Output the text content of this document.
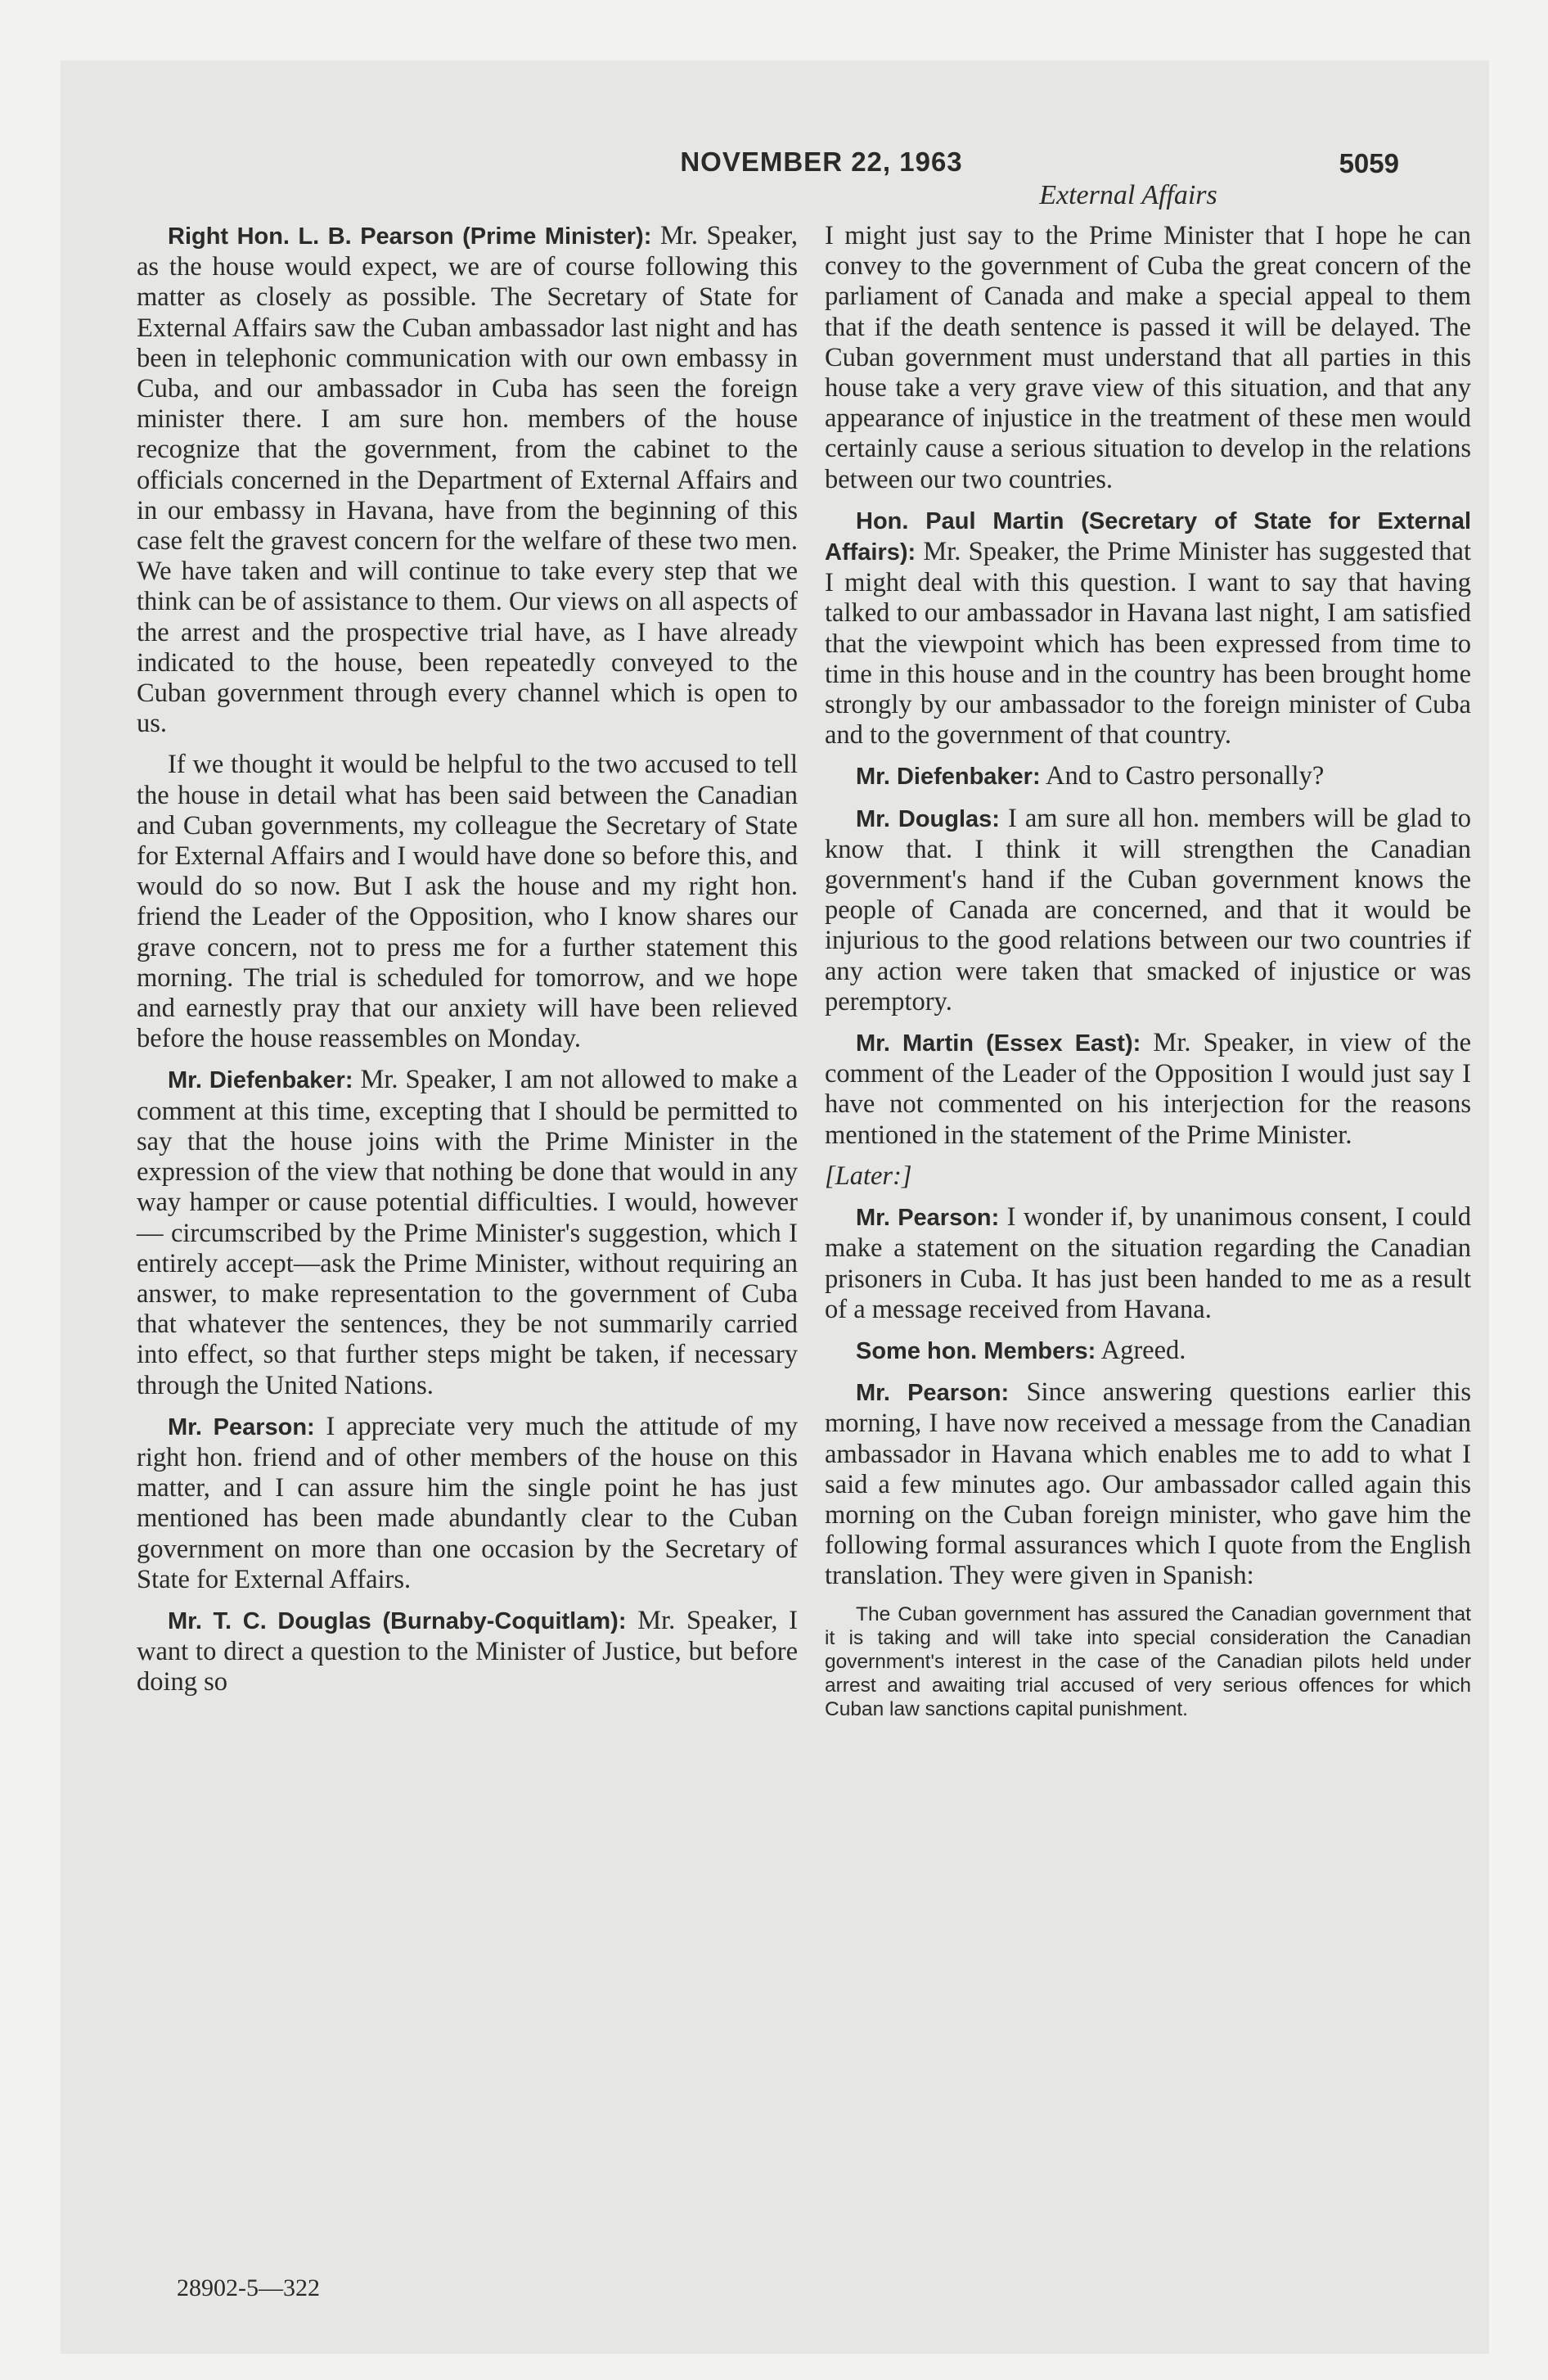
NOVEMBER 22, 1963	5059
External Affairs

Right Hon. L. B. Pearson (Prime Minister): Mr. Speaker, as the house would expect, we are of course following this matter as closely as possible. The Secretary of State for External Affairs saw the Cuban ambassador last night and has been in telephonic communication with our own embassy in Cuba, and our ambassador in Cuba has seen the foreign minister there. I am sure hon. members of the house recognize that the government, from the cabinet to the officials concerned in the Department of External Affairs and in our embassy in Havana, have from the beginning of this case felt the gravest concern for the welfare of these two men. We have taken and will continue to take every step that we think can be of assistance to them. Our views on all aspects of the arrest and the prospective trial have, as I have already indicated to the house, been repeatedly conveyed to the Cuban government through every channel which is open to us.

If we thought it would be helpful to the two accused to tell the house in detail what has been said between the Canadian and Cuban governments, my colleague the Secretary of State for External Affairs and I would have done so before this, and would do so now. But I ask the house and my right hon. friend the Leader of the Opposition, who I know shares our grave concern, not to press me for a further statement this morning. The trial is scheduled for tomorrow, and we hope and earnestly pray that our anxiety will have been relieved before the house reassembles on Monday.

Mr. Diefenbaker: Mr. Speaker, I am not allowed to make a comment at this time, excepting that I should be permitted to say that the house joins with the Prime Minister in the expression of the view that nothing be done that would in any way hamper or cause potential difficulties. I would, however— circumscribed by the Prime Minister's suggestion, which I entirely accept—ask the Prime Minister, without requiring an answer, to make representation to the government of Cuba that whatever the sentences, they be not summarily carried into effect, so that further steps might be taken, if necessary through the United Nations.

Mr. Pearson: I appreciate very much the attitude of my right hon. friend and of other members of the house on this matter, and I can assure him the single point he has just mentioned has been made abundantly clear to the Cuban government on more than one occasion by the Secretary of State for External Affairs.

Mr. T. C. Douglas (Burnaby-Coquitlam): Mr. Speaker, I want to direct a question to the Minister of Justice, but before doing so

I might just say to the Prime Minister that I hope he can convey to the government of Cuba the great concern of the parliament of Canada and make a special appeal to them that if the death sentence is passed it will be delayed. The Cuban government must understand that all parties in this house take a very grave view of this situation, and that any appearance of injustice in the treatment of these men would certainly cause a serious situation to develop in the relations between our two countries.

Hon. Paul Martin (Secretary of State for External Affairs): Mr. Speaker, the Prime Minister has suggested that I might deal with this question. I want to say that having talked to our ambassador in Havana last night, I am satisfied that the viewpoint which has been expressed from time to time in this house and in the country has been brought home strongly by our ambassador to the foreign minister of Cuba and to the government of that country.

Mr. Diefenbaker: And to Castro personally?

Mr. Douglas: I am sure all hon. members will be glad to know that. I think it will strengthen the Canadian government's hand if the Cuban government knows the people of Canada are concerned, and that it would be injurious to the good relations between our two countries if any action were taken that smacked of injustice or was peremptory.

Mr. Martin (Essex East): Mr. Speaker, in view of the comment of the Leader of the Opposition I would just say I have not commented on his interjection for the reasons mentioned in the statement of the Prime Minister.

[Later:]

Mr. Pearson: I wonder if, by unanimous consent, I could make a statement on the situation regarding the Canadian prisoners in Cuba. It has just been handed to me as a result of a message received from Havana.

Some hon. Members: Agreed.

Mr. Pearson: Since answering questions earlier this morning, I have now received a message from the Canadian ambassador in Havana which enables me to add to what I said a few minutes ago. Our ambassador called again this morning on the Cuban foreign minister, who gave him the following formal assurances which I quote from the English translation. They were given in Spanish:

The Cuban government has assured the Canadian government that it is taking and will take into special consideration the Canadian government's interest in the case of the Canadian pilots held under arrest and awaiting trial accused of very serious offences for which Cuban law sanctions capital punishment.

28902-5—322
